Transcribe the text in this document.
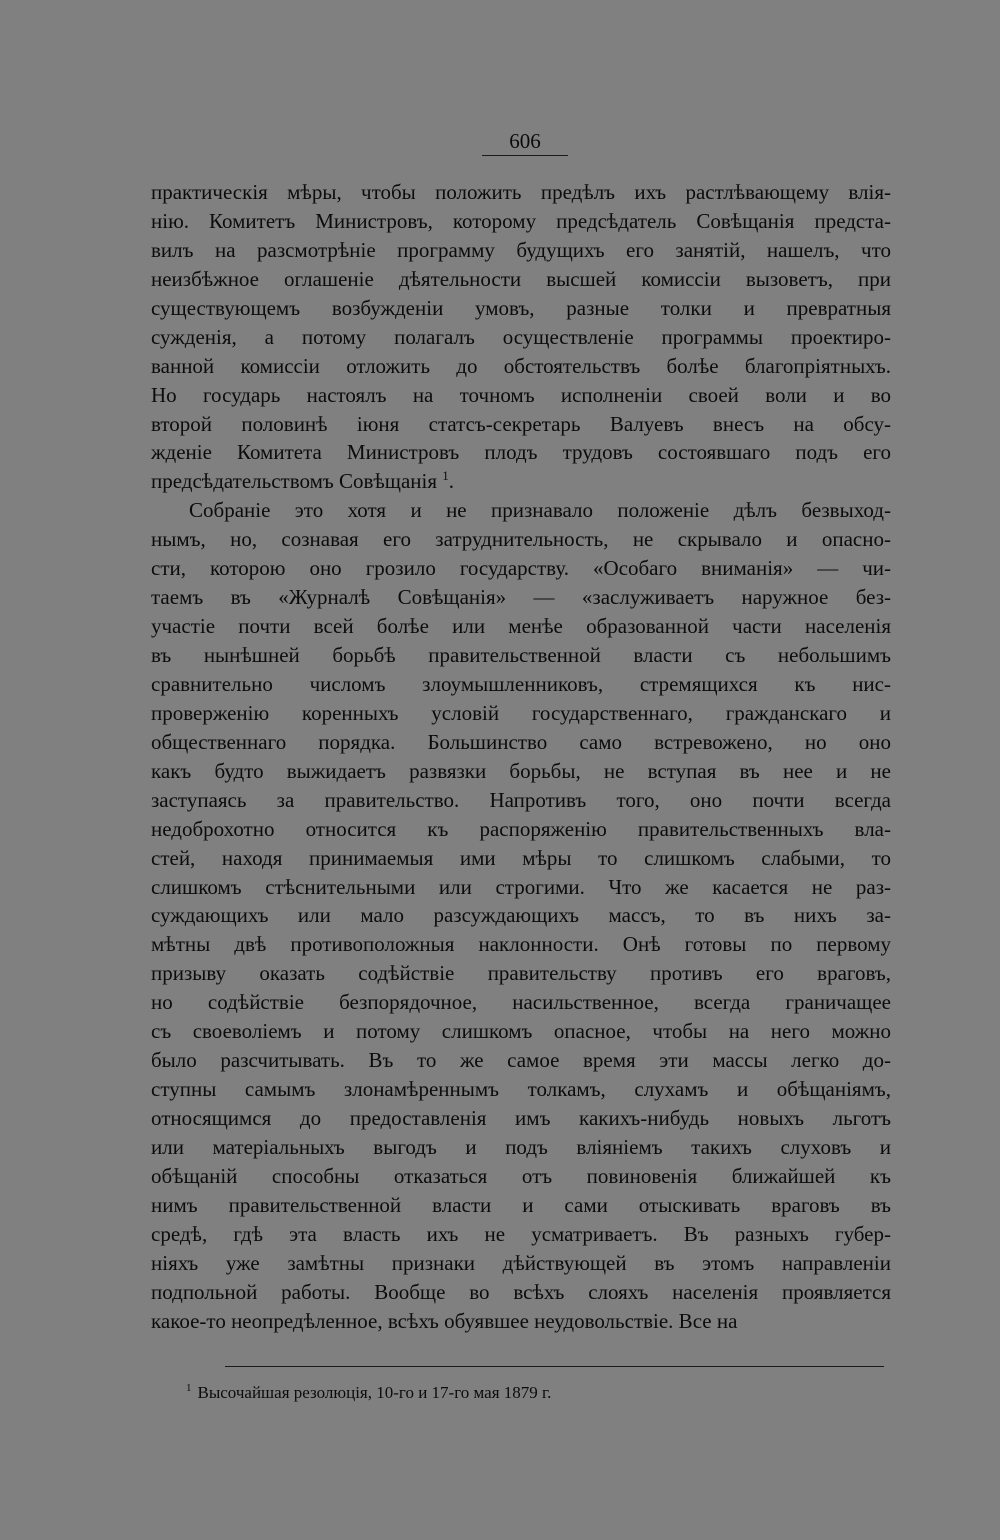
606
практическія мѣры, чтобы положить предѣлъ ихъ растлѣвающему влія-
нію. Комитетъ Министровъ, которому предсѣдатель Совѣщанія предста-
вилъ на разсмотрѣніе программу будущихъ его занятій, нашелъ, что
неизбѣжное оглашеніе дѣятельности высшей комиссіи вызоветъ, при
существующемъ возбужденіи умовъ, разные толки и превратныя
сужденія, а потому полагалъ осуществленіе программы проектиро-
ванной комиссіи отложить до обстоятельствъ болѣе благопріятныхъ.
Но государь настоялъ на точномъ исполненіи своей воли и во
второй половинѣ іюня статсъ-секретарь Валуевъ внесъ на обсу-
жденіе Комитета Министровъ плодъ трудовъ состоявшаго подъ его
предсѣдательствомъ Совѣщанія $^1$.
Собраніе это хотя и не признавало положеніе дѣлъ безвыход-
нымъ, но, сознавая его затруднительность, не скрывало и опасно-
сти, которою оно грозило государству. «Особаго вниманія» — чи-
таемъ въ «Журналѣ Совѣщанія» — «заслуживаетъ наружное без-
участіе почти всей болѣе или менѣе образованной части населенія
въ нынѣшней борьбѣ правительственной власти съ небольшимъ
сравнительно числомъ злоумышленниковъ, стремящихся къ нис-
проверженію коренныхъ условій государственнаго, гражданскаго и
общественнаго порядка. Большинство само встревожено, но оно
какъ будто выжидаетъ развязки борьбы, не вступая въ нее и не
заступаясь за правительство. Напротивъ того, оно почти всегда
недоброхотно относится къ распоряженію правительственныхъ вла-
стей, находя принимаемыя ими мѣры то слишкомъ слабыми, то
слишкомъ стѣснительными или строгими. Что же касается не раз-
суждающихъ или мало разсуждающихъ массъ, то въ нихъ за-
мѣтны двѣ противоположныя наклонности. Онѣ готовы по первому
призыву оказать содѣйствіе правительству противъ его враговъ,
но содѣйствіе безпорядочное, насильственное, всегда граничащее
съ своеволіемъ и потому слишкомъ опасное, чтобы на него можно
было разсчитывать. Въ то же самое время эти массы легко до-
ступны самымъ злонамѣреннымъ толкамъ, слухамъ и обѣщаніямъ,
относящимся до предоставленія имъ какихъ-нибудь новыхъ льготъ
или матеріальныхъ выгодъ и подъ вліяніемъ такихъ слуховъ и
обѣщаній способны отказаться отъ повиновенія ближайшей къ
нимъ правительственной власти и сами отыскивать враговъ въ
средѣ, гдѣ эта власть ихъ не усматриваетъ. Въ разныхъ губер-
ніяхъ уже замѣтны признаки дѣйствующей въ этомъ направленіи
подпольной работы. Вообще во всѣхъ слояхъ населенія проявляется
какое-то неопредѣленное, всѣхъ обуявшее неудовольствіе. Все на
$^1$ Высочайшая резолюція, 10-го и 17-го мая 1879 г.
